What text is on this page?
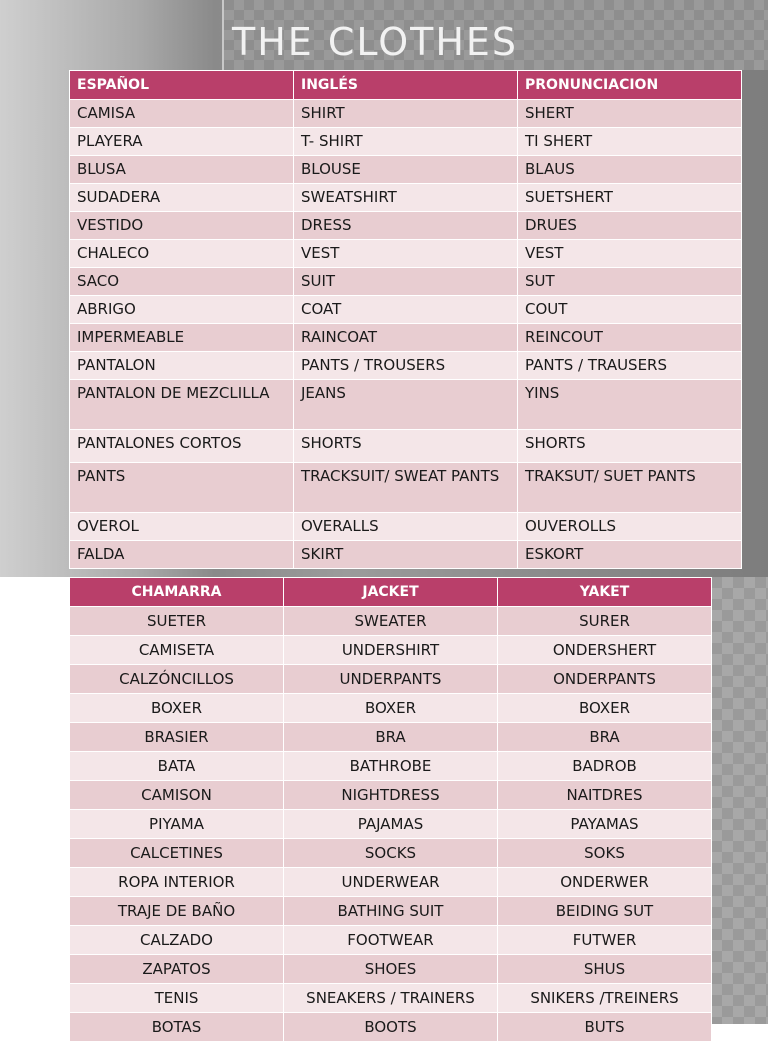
THE CLOTHES
ESPAÑOL	INGLÉS	PRONUNCIACION
CAMISA	SHIRT	SHERT
PLAYERA	T- SHIRT	TI SHERT
BLUSA	BLOUSE	BLAUS
SUDADERA	SWEATSHIRT	SUETSHERT
VESTIDO	DRESS	DRUES
CHALECO	VEST	VEST
SACO	SUIT	SUT
ABRIGO	COAT	COUT
IMPERMEABLE	RAINCOAT	REINCOUT
PANTALON	PANTS / TROUSERS	PANTS / TRAUSERS
PANTALON DE MEZCLILLA	JEANS	YINS
PANTALONES CORTOS	SHORTS	SHORTS
PANTS	TRACKSUIT/ SWEAT PANTS	TRAKSUT/ SUET PANTS
OVEROL	OVERALLS	OUVEROLLS
FALDA	SKIRT	ESKORT
CHAMARRA	JACKET	YAKET
SUETER	SWEATER	SURER
CAMISETA	UNDERSHIRT	ONDERSHERT
CALZÓNCILLOS	UNDERPANTS	ONDERPANTS
BOXER	BOXER	BOXER
BRASIER	BRA	BRA
BATA	BATHROBE	BADROB
CAMISON	NIGHTDRESS	NAITDRES
PIYAMA	PAJAMAS	PAYAMAS
CALCETINES	SOCKS	SOKS
ROPA INTERIOR	UNDERWEAR	ONDERWER
TRAJE DE BAÑO	BATHING SUIT	BEIDING SUT
CALZADO	FOOTWEAR	FUTWER
ZAPATOS	SHOES	SHUS
TENIS	SNEAKERS / TRAINERS	SNIKERS /TREINERS
BOTAS	BOOTS	BUTS
